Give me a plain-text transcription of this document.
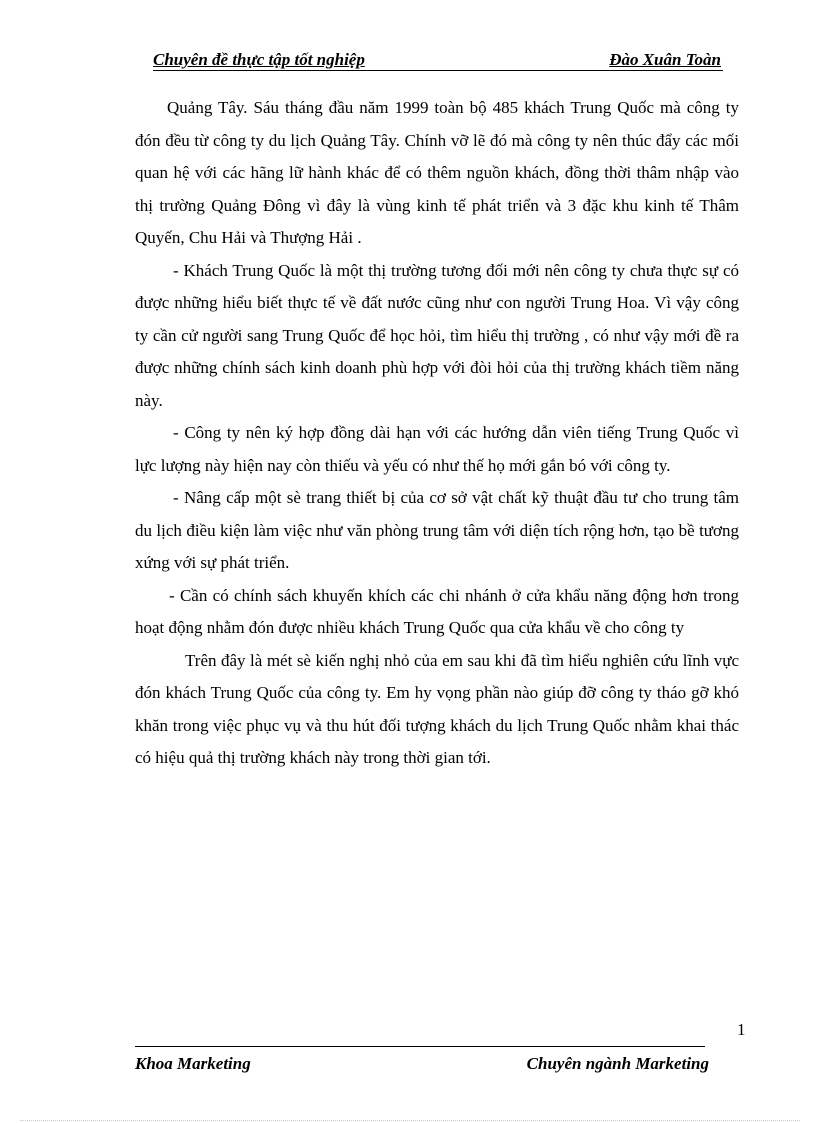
Chuyên đề thực tập tốt nghiệp	Đào Xuân Toàn

Quảng Tây. Sáu tháng đầu năm 1999 toàn bộ 485 khách Trung Quốc mà công ty đón đều từ công ty du lịch Quảng Tây. Chính vỡ lẽ đó mà công ty nên thúc đẩy các mối quan hệ với các hãng lữ hành khác để có thêm nguồn khách, đồng thời thâm nhập vào thị trường Quảng Đông vì đây là vùng kinh tế phát triển và 3 đặc khu kinh tế Thâm Quyến, Chu Hải và Thượng Hải .

- Khách Trung Quốc là một thị trường tương đối mới nên công ty chưa thực sự có được những hiểu biết thực tế về đất nước cũng như con người Trung Hoa. Vì vậy công ty cần cử người sang Trung Quốc để học hỏi, tìm hiểu thị trường , có như vậy mới đề ra được những chính sách kinh doanh phù hợp với đòi hỏi của thị trường khách tiềm năng này.

- Công ty nên ký hợp đồng dài hạn với các hướng dẫn viên tiếng Trung Quốc vì lực lượng này hiện nay còn thiếu và yếu có như thế họ mới gắn bó với công ty.

- Nâng cấp một sè trang thiết bị của cơ sở vật chất kỹ thuật đầu tư cho trung tâm du lịch điều kiện làm việc như văn phòng trung tâm với diện tích rộng hơn, tạo bề tương xứng với sự phát triển.

- Cần có chính sách khuyến khích các chi nhánh ở cửa khẩu năng động hơn trong hoạt động nhằm đón được nhiều khách Trung Quốc qua cửa khẩu về cho công ty

Trên đây là mét sè kiến nghị nhỏ của em sau khi đã tìm hiểu nghiên cứu lĩnh vực đón khách Trung Quốc của công ty. Em hy vọng phần nào giúp đỡ công ty tháo gỡ khó khăn trong việc phục vụ và thu hút đối tượng khách du lịch Trung Quốc nhằm khai thác có hiệu quả thị trường khách này trong thời gian tới.

1
Khoa Marketing	Chuyên ngành Marketing
